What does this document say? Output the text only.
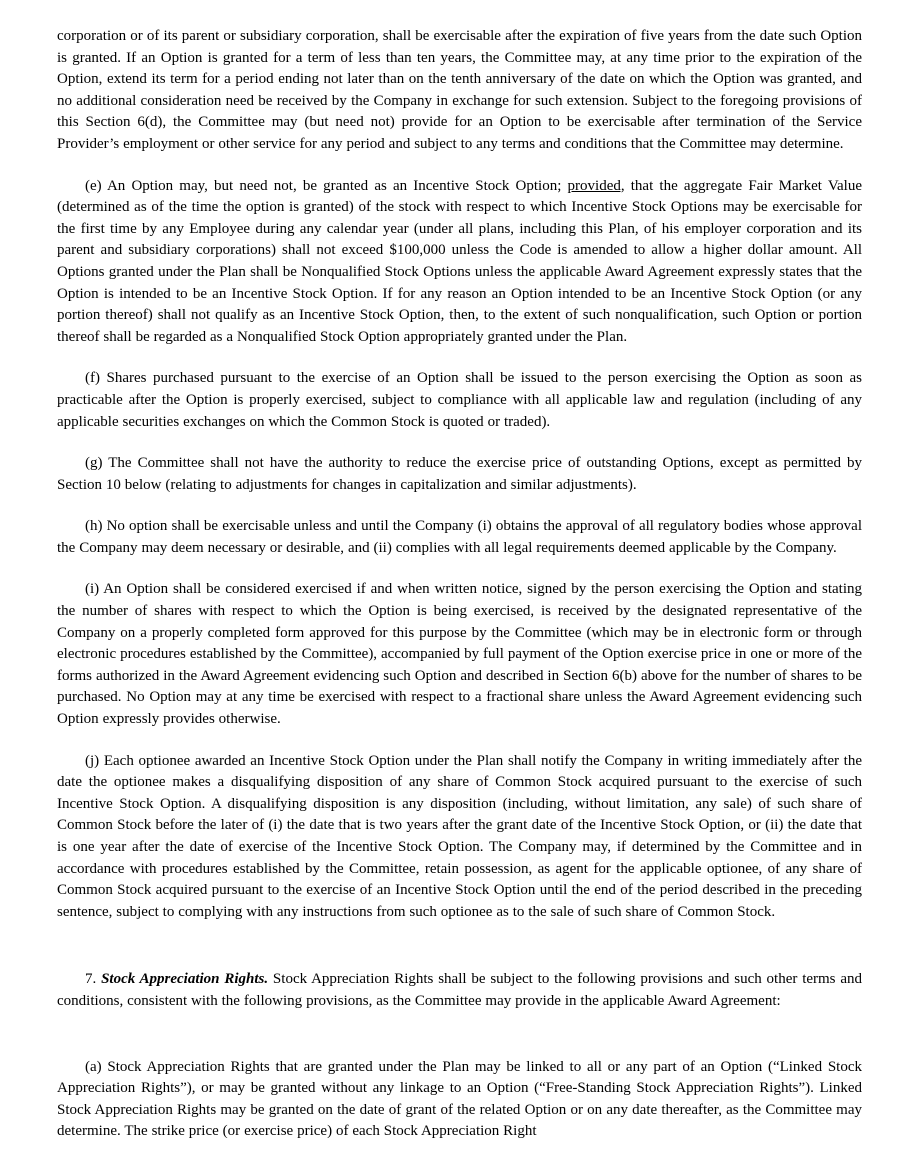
corporation or of its parent or subsidiary corporation, shall be exercisable after the expiration of five years from the date such Option is granted. If an Option is granted for a term of less than ten years, the Committee may, at any time prior to the expiration of the Option, extend its term for a period ending not later than on the tenth anniversary of the date on which the Option was granted, and no additional consideration need be received by the Company in exchange for such extension. Subject to the foregoing provisions of this Section 6(d), the Committee may (but need not) provide for an Option to be exercisable after termination of the Service Provider’s employment or other service for any period and subject to any terms and conditions that the Committee may determine.

(e) An Option may, but need not, be granted as an Incentive Stock Option; provided, that the aggregate Fair Market Value (determined as of the time the option is granted) of the stock with respect to which Incentive Stock Options may be exercisable for the first time by any Employee during any calendar year (under all plans, including this Plan, of his employer corporation and its parent and subsidiary corporations) shall not exceed $100,000 unless the Code is amended to allow a higher dollar amount. All Options granted under the Plan shall be Nonqualified Stock Options unless the applicable Award Agreement expressly states that the Option is intended to be an Incentive Stock Option. If for any reason an Option intended to be an Incentive Stock Option (or any portion thereof) shall not qualify as an Incentive Stock Option, then, to the extent of such nonqualification, such Option or portion thereof shall be regarded as a Nonqualified Stock Option appropriately granted under the Plan.

(f) Shares purchased pursuant to the exercise of an Option shall be issued to the person exercising the Option as soon as practicable after the Option is properly exercised, subject to compliance with all applicable law and regulation (including of any applicable securities exchanges on which the Common Stock is quoted or traded).

(g) The Committee shall not have the authority to reduce the exercise price of outstanding Options, except as permitted by Section 10 below (relating to adjustments for changes in capitalization and similar adjustments).

(h) No option shall be exercisable unless and until the Company (i) obtains the approval of all regulatory bodies whose approval the Company may deem necessary or desirable, and (ii) complies with all legal requirements deemed applicable by the Company.

(i) An Option shall be considered exercised if and when written notice, signed by the person exercising the Option and stating the number of shares with respect to which the Option is being exercised, is received by the designated representative of the Company on a properly completed form approved for this purpose by the Committee (which may be in electronic form or through electronic procedures established by the Committee), accompanied by full payment of the Option exercise price in one or more of the forms authorized in the Award Agreement evidencing such Option and described in Section 6(b) above for the number of shares to be purchased. No Option may at any time be exercised with respect to a fractional share unless the Award Agreement evidencing such Option expressly provides otherwise.

(j) Each optionee awarded an Incentive Stock Option under the Plan shall notify the Company in writing immediately after the date the optionee makes a disqualifying disposition of any share of Common Stock acquired pursuant to the exercise of such Incentive Stock Option. A disqualifying disposition is any disposition (including, without limitation, any sale) of such share of Common Stock before the later of (i) the date that is two years after the grant date of the Incentive Stock Option, or (ii) the date that is one year after the date of exercise of the Incentive Stock Option. The Company may, if determined by the Committee and in accordance with procedures established by the Committee, retain possession, as agent for the applicable optionee, of any share of Common Stock acquired pursuant to the exercise of an Incentive Stock Option until the end of the period described in the preceding sentence, subject to complying with any instructions from such optionee as to the sale of such share of Common Stock.

7. Stock Appreciation Rights. Stock Appreciation Rights shall be subject to the following provisions and such other terms and conditions, consistent with the following provisions, as the Committee may provide in the applicable Award Agreement:

(a) Stock Appreciation Rights that are granted under the Plan may be linked to all or any part of an Option (“Linked Stock Appreciation Rights”), or may be granted without any linkage to an Option (“Free-Standing Stock Appreciation Rights”). Linked Stock Appreciation Rights may be granted on the date of grant of the related Option or on any date thereafter, as the Committee may determine. The strike price (or exercise price) of each Stock Appreciation Right
